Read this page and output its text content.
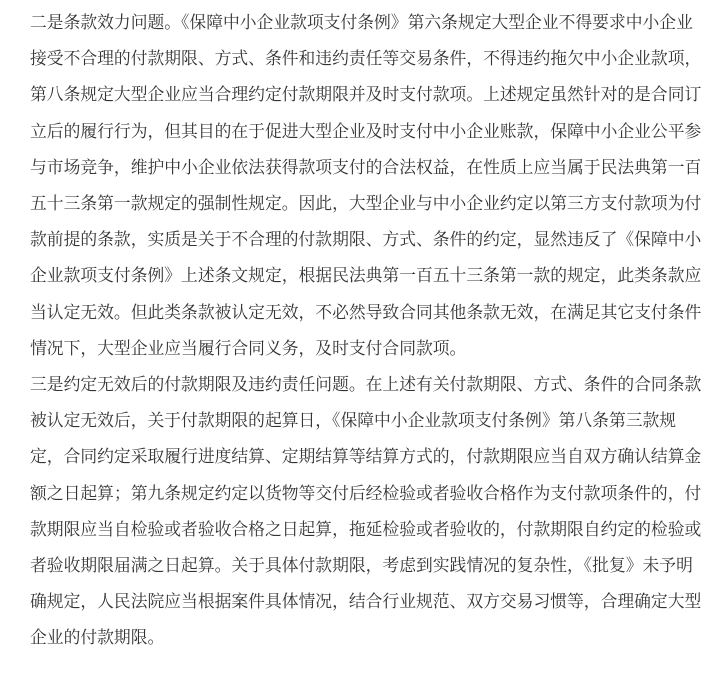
二是条款效力问题。《保障中小企业款项支付条例》第六条规定大型企业不得要求中小企业
接受不合理的付款期限、方式、条件和违约责任等交易条件，不得违约拖欠中小企业款项，
第八条规定大型企业应当合理约定付款期限并及时支付款项。上述规定虽然针对的是合同订
立后的履行行为，但其目的在于促进大型企业及时支付中小企业账款，保障中小企业公平参
与市场竞争，维护中小企业依法获得款项支付的合法权益，在性质上应当属于民法典第一百
五十三条第一款规定的强制性规定。因此，大型企业与中小企业约定以第三方支付款项为付
款前提的条款，实质是关于不合理的付款期限、方式、条件的约定，显然违反了《保障中小
企业款项支付条例》上述条文规定，根据民法典第一百五十三条第一款的规定，此类条款应
当认定无效。但此类条款被认定无效，不必然导致合同其他条款无效，在满足其它支付条件
情况下，大型企业应当履行合同义务，及时支付合同款项。
三是约定无效后的付款期限及违约责任问题。在上述有关付款期限、方式、条件的合同条款
被认定无效后，关于付款期限的起算日，《保障中小企业款项支付条例》第八条第三款规
定，合同约定采取履行进度结算、定期结算等结算方式的，付款期限应当自双方确认结算金
额之日起算；第九条规定约定以货物等交付后经检验或者验收合格作为支付款项条件的，付
款期限应当自检验或者验收合格之日起算，拖延检验或者验收的，付款期限自约定的检验或
者验收期限届满之日起算。关于具体付款期限，考虑到实践情况的复杂性，《批复》未予明
确规定，人民法院应当根据案件具体情况，结合行业规范、双方交易习惯等，合理确定大型
企业的付款期限。
